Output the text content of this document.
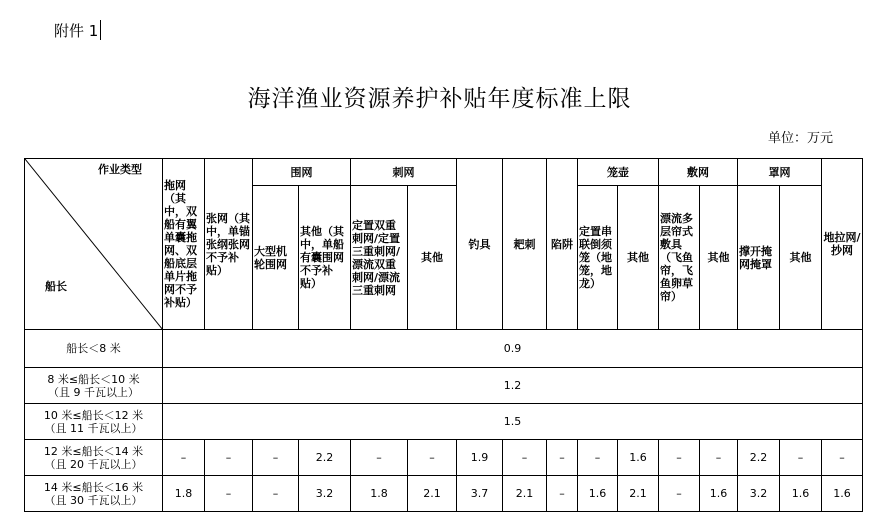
附件 1
海洋渔业资源养护补贴年度标准上限
单位：万元
作业类型
船长	拖网（其中，双船有翼单囊拖网、双船底层单片拖网不予补贴）	张网（其中，单锚张纲张网不予补贴）	围网		刺网		钓具	耙刺	陷阱	笼壶		敷网		罩网		地拉网/抄网
			大型机轮围网	其他（其中，单船有囊围网不予补贴）	定置双重刺网/定置三重刺网/漂流双重刺网/漂流三重刺网	其他				定置串联倒须笼（地笼，地龙）	其他	漂流多层帘式敷具（飞鱼帘，飞鱼卵草帘）	其他	撑开掩网掩罩	其他	

船长＜8 米	0.9															

8 米≤船长＜10 米
（且 9 千瓦以上）	1.2															

10 米≤船长＜12 米
（且 11 千瓦以上）	1.5															

12 米≤船长＜14 米
（且 20 千瓦以上）	–	–	–	2.2	–	–	1.9	–	–	–	1.6	–	–	2.2	–	–

14 米≤船长＜16 米
（且 30 千瓦以上）	1.8	–	–	3.2	1.8	2.1	3.7	2.1	–	1.6	2.1	–	1.6	3.2	1.6	1.6
